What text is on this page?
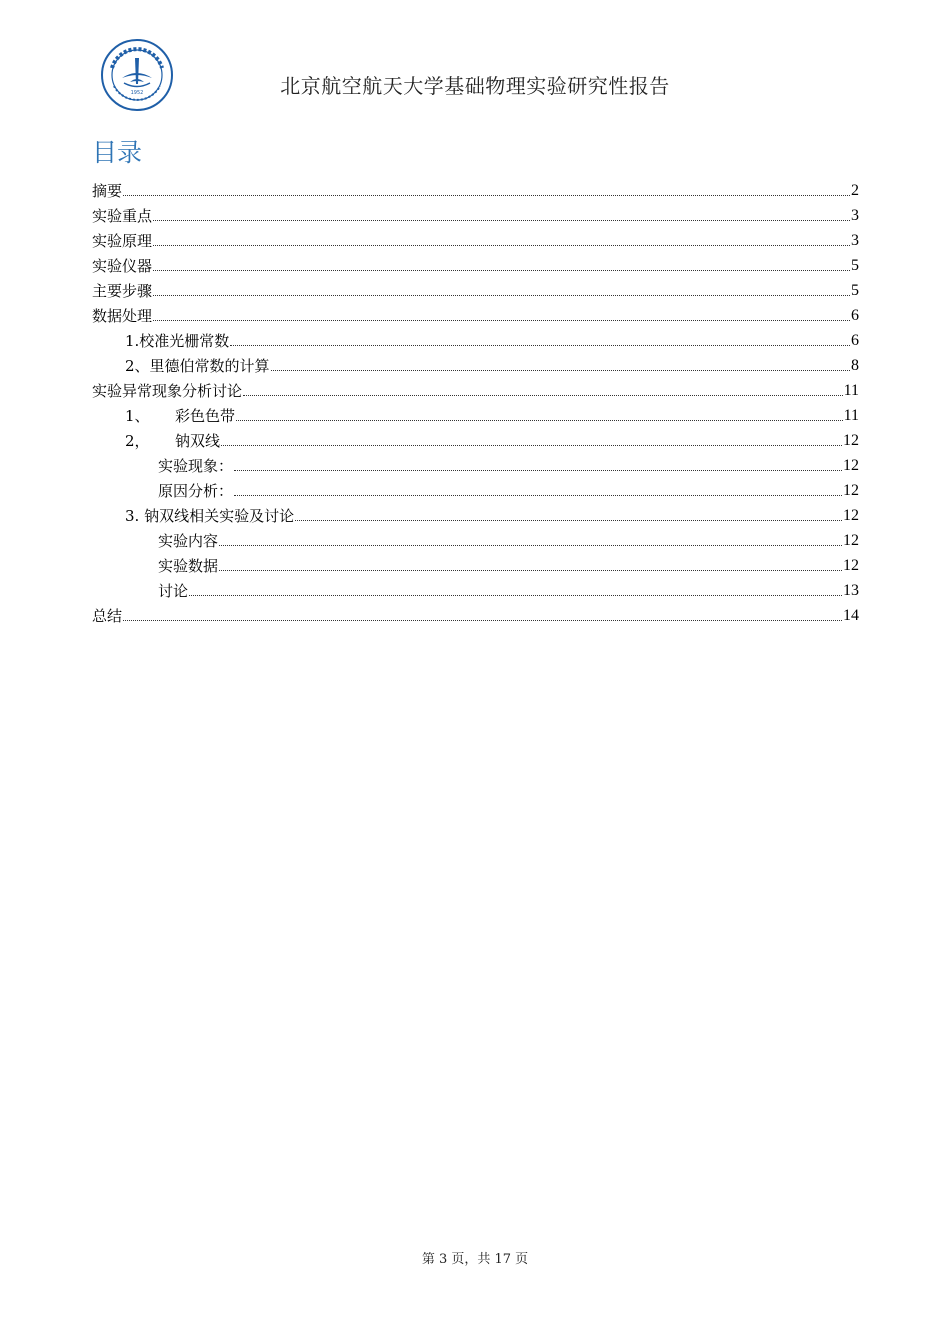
1952	北京航空航天大学基础物理实验研究性报告
目录
摘要	2
实验重点	3
实验原理	3
实验仪器	5
主要步骤	5
数据处理	6
1.校准光栅常数	6
2、里德伯常数的计算	8
实验异常现象分析讨论	11
1、	彩色色带	11
2，	钠双线	12
实验现象：	12
原因分析：	12
3. 钠双线相关实验及讨论	12
实验内容	12
实验数据	12
讨论	13
总结	14
第 3 页，共 17 页
